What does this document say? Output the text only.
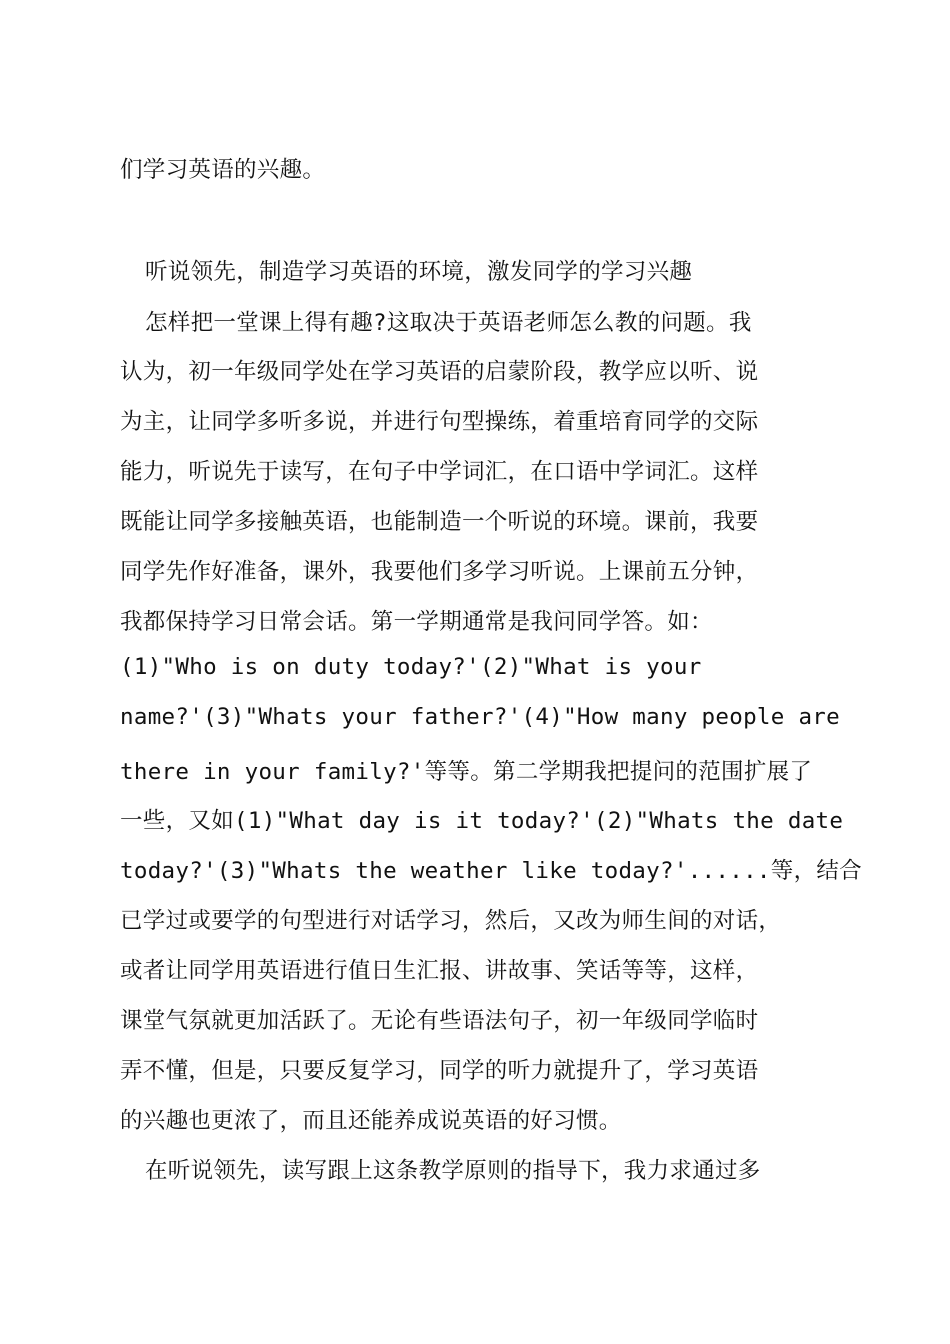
们学习英语的兴趣。

听说领先，制造学习英语的环境，激发同学的学习兴趣

怎样把一堂课上得有趣?这取决于英语老师怎么教的问题。我

认为，初一年级同学处在学习英语的启蒙阶段，教学应以听、说

为主，让同学多听多说，并进行句型操练，着重培育同学的交际

能力，听说先于读写，在句子中学词汇，在口语中学词汇。这样

既能让同学多接触英语，也能制造一个听说的环境。课前，我要

同学先作好准备，课外，我要他们多学习听说。上课前五分钟，

我都保持学习日常会话。第一学期通常是我问同学答。如：

(1)"Who is on duty today?'(2)"What is your

name?'(3)"Whats your father?'(4)"How many people are

there in your family?'等等。第二学期我把提问的范围扩展了

一些，又如(1)"What day is it today?'(2)"Whats the date

today?'(3)"Whats the weather like today?'......等，结合

已学过或要学的句型进行对话学习，然后，又改为师生间的对话，

或者让同学用英语进行值日生汇报、讲故事、笑话等等，这样，

课堂气氛就更加活跃了。无论有些语法句子，初一年级同学临时

弄不懂，但是，只要反复学习，同学的听力就提升了，学习英语

的兴趣也更浓了，而且还能养成说英语的好习惯。

在听说领先，读写跟上这条教学原则的指导下，我力求通过多
